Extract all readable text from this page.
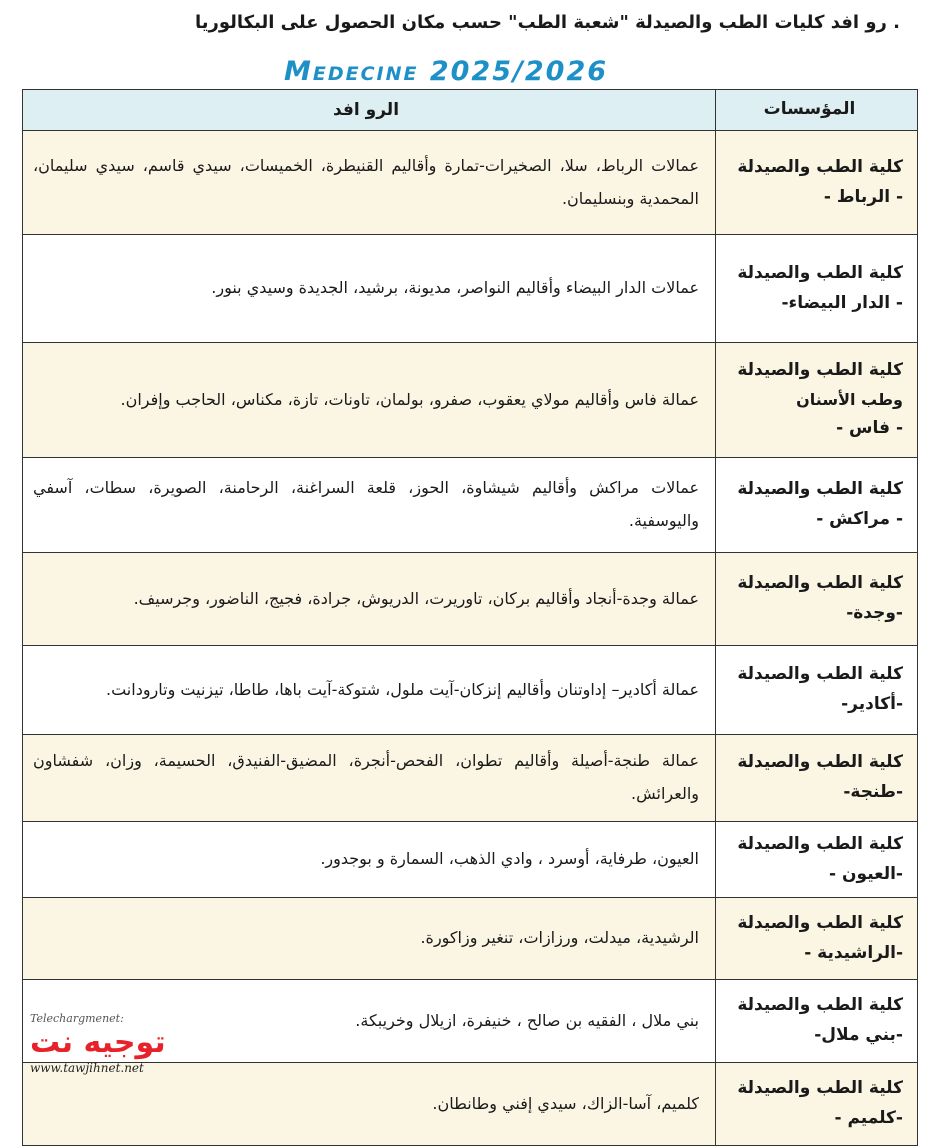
. رو افد كليات الطب والصيدلة "شعبة الطب" حسب مكان الحصول على البكالوريا
Medecine 2025/2026
المؤسسات
الرو افد
كلية الطب والصيدلة
- الرباط -
عمالات الرباط، سلا، الصخيرات-تمارة وأقاليم القنيطرة، الخميسات، سيدي قاسم، سيدي سليمان، المحمدية وبنسليمان.
كلية الطب والصيدلة
- الدار البيضاء-
عمالات الدار البيضاء وأقاليم النواصر، مديونة، برشيد، الجديدة وسيدي بنور.
كلية الطب والصيدلة
وطب الأسنان
- فاس -
عمالة فاس وأقاليم مولاي يعقوب، صفرو، بولمان، تاونات، تازة، مكناس، الحاجب وإفران.
كلية الطب والصيدلة
- مراكش -
عمالات مراكش وأقاليم شيشاوة، الحوز، قلعة السراغنة، الرحامنة، الصويرة، سطات، آسفي واليوسفية.
كلية الطب والصيدلة
-وجدة-
عمالة وجدة-أنجاد وأقاليم بركان، تاوريرت، الدريوش، جرادة، فجيج، الناضور، وجرسيف.
كلية الطب والصيدلة
-أكادير-
عمالة أكادير– إداوتنان وأقاليم إنزكان-آيت ملول، شتوكة-آيت باها، طاطا، تيزنيت وتارودانت.
كلية الطب والصيدلة
-طنجة-
عمالة طنجة-أصيلة وأقاليم تطوان، الفحص-أنجرة، المضيق-الفنيدق، الحسيمة، وزان، شفشاون والعرائش.
كلية الطب والصيدلة
-العيون -
العيون، طرفاية، أوسرد ، وادي الذهب، السمارة و بوجدور.
كلية الطب والصيدلة
-الراشيدية -
الرشيدية، ميدلت، ورزازات، تنغير وزاكورة.
كلية الطب والصيدلة
-بني ملال-
بني ملال ، الفقيه بن صالح ، خنيفرة، ازيلال وخريبكة.
كلية الطب والصيدلة
-كلميم -
كلميم، آسا-الزاك، سيدي إفني وطانطان.
Telechargmenet:
توجيه نت
www.tawjihnet.net
